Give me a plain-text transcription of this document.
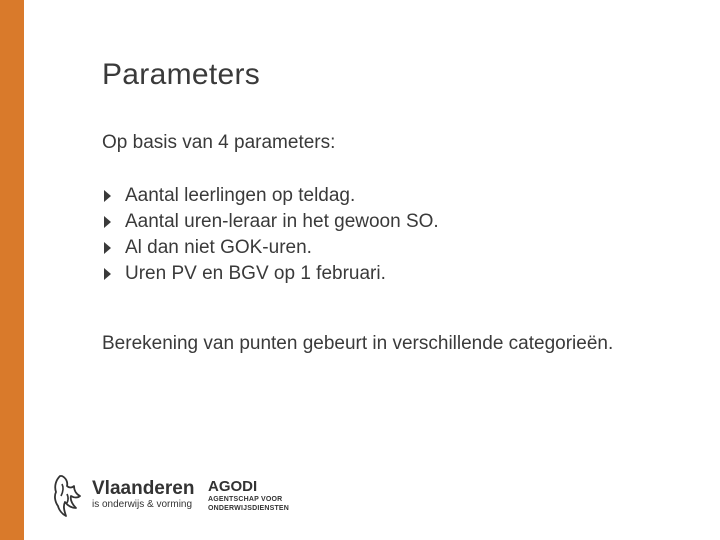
Parameters
Op basis van 4 parameters:
Aantal leerlingen op teldag.
Aantal uren-leraar in het gewoon SO.
Al dan niet GOK-uren.
Uren PV en BGV op 1 februari.
Berekening van punten gebeurt in verschillende categorieën.
Vlaanderen
is onderwijs & vorming
AGODI
AGENTSCHAP VOOR
ONDERWIJSDIENSTEN
